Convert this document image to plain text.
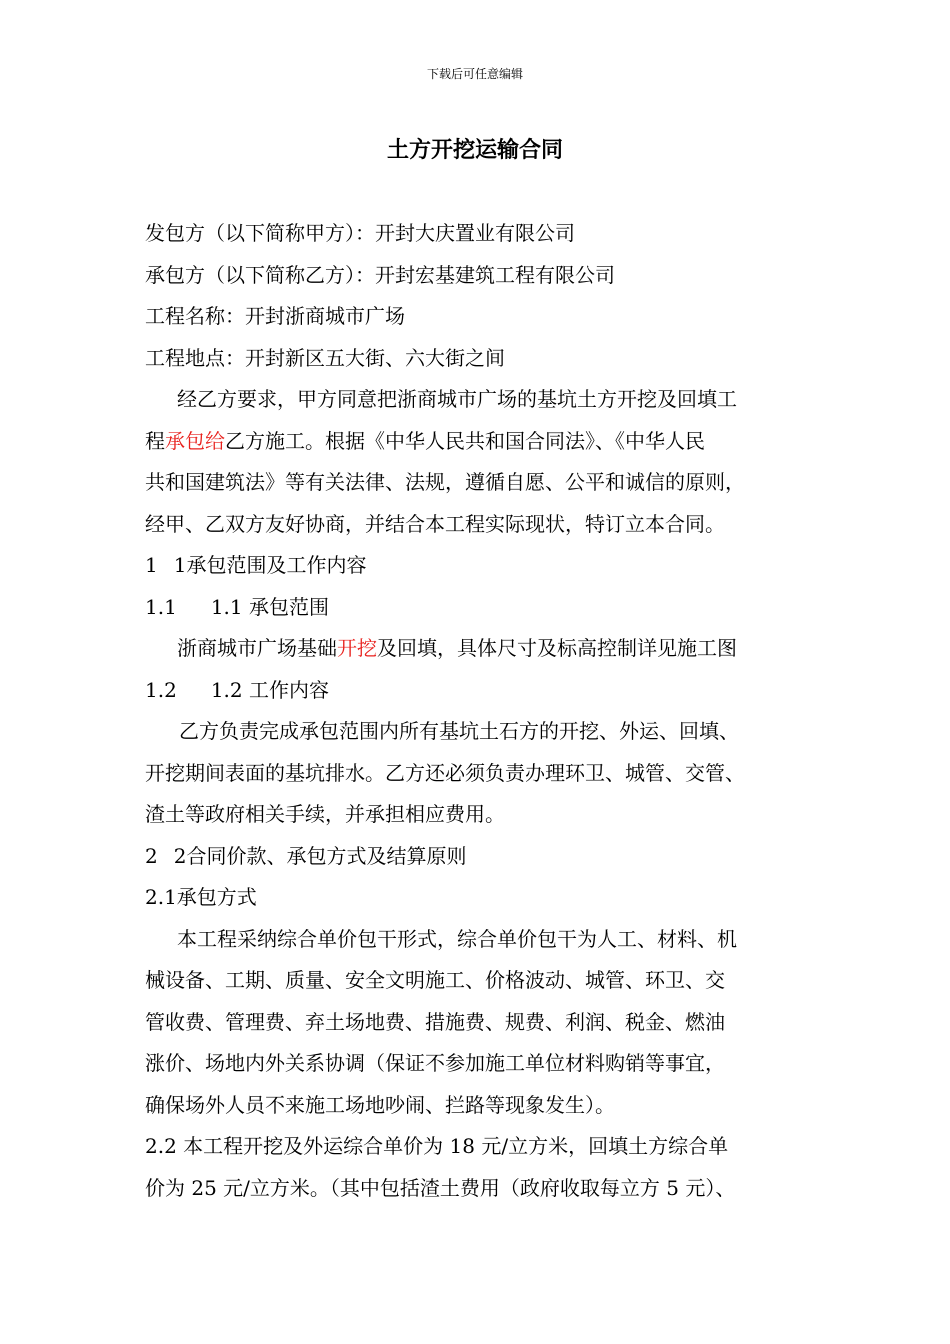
下载后可任意编辑
土方开挖运输合同
发包方（以下简称甲方）：开封大庆置业有限公司
承包方（以下简称乙方）：开封宏基建筑工程有限公司
工程名称：开封浙商城市广场
工程地点：开封新区五大街、六大街之间
经乙方要求，甲方同意把浙商城市广场的基坑土方开挖及回填工
程承包给乙方施工。根据《中华人民共和国合同法》、《中华人民
共和国建筑法》等有关法律、法规，遵循自愿、公平和诚信的原则，
经甲、乙双方友好协商，并结合本工程实际现状，特订立本合同。
1 1承包范围及工作内容
1.1 1.1 承包范围
浙商城市广场基础开挖及回填，具体尺寸及标高控制详见施工图
1.2 1.2 工作内容
乙方负责完成承包范围内所有基坑土石方的开挖、外运、回填、
开挖期间表面的基坑排水。乙方还必须负责办理环卫、城管、交管、
渣土等政府相关手续，并承担相应费用。
2 2合同价款、承包方式及结算原则
2.1承包方式
本工程采纳综合单价包干形式，综合单价包干为人工、材料、机
械设备、工期、质量、安全文明施工、价格波动、城管、环卫、交
管收费、管理费、弃土场地费、措施费、规费、利润、税金、燃油
涨价、场地内外关系协调（保证不参加施工单位材料购销等事宜，
确保场外人员不来施工场地吵闹、拦路等现象发生）。
2.2 本工程开挖及外运综合单价为 18 元/立方米，回填土方综合单
价为 25 元/立方米。（其中包括渣土费用（政府收取每立方 5 元）、
